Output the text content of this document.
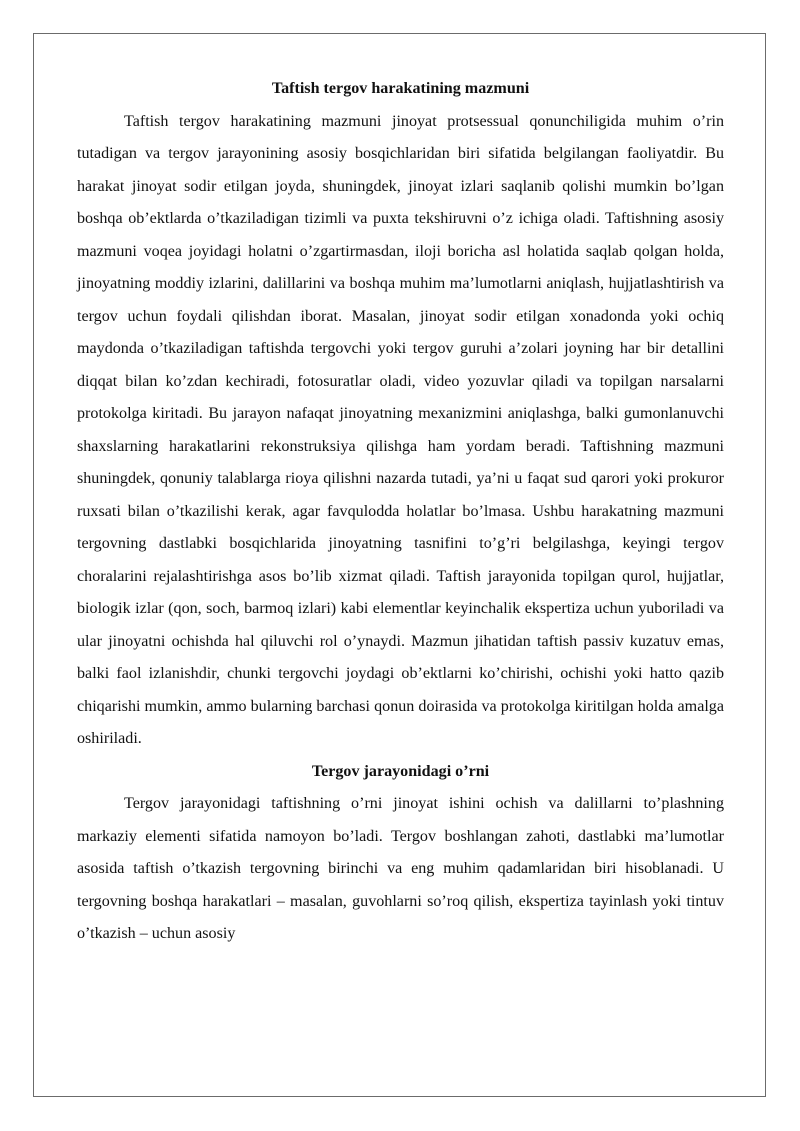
Taftish tergov harakatining mazmuni

Taftish tergov harakatining mazmuni jinoyat protsessual qonunchiligida muhim o’rin tutadigan va tergov jarayonining asosiy bosqichlaridan biri sifatida belgilangan faoliyatdir. Bu harakat jinoyat sodir etilgan joyda, shuningdek, jinoyat izlari saqlanib qolishi mumkin bo’lgan boshqa ob’ektlarda o’tkaziladigan tizimli va puxta tekshiruvni o’z ichiga oladi. Taftishning asosiy mazmuni voqea joyidagi holatni o’zgartirmasdan, iloji boricha asl holatida saqlab qolgan holda, jinoyatning moddiy izlarini, dalillarini va boshqa muhim ma’lumotlarni aniqlash, hujjatlashtirish va tergov uchun foydali qilishdan iborat. Masalan, jinoyat sodir etilgan xonadonda yoki ochiq maydonda o’tkaziladigan taftishda tergovchi yoki tergov guruhi a’zolari joyning har bir detallini diqqat bilan ko’zdan kechiradi, fotosuratlar oladi, video yozuvlar qiladi va topilgan narsalarni protokolga kiritadi. Bu jarayon nafaqat jinoyatning mexanizmini aniqlashga, balki gumonlanuvchi shaxslarning harakatlarini rekonstruksiya qilishga ham yordam beradi. Taftishning mazmuni shuningdek, qonuniy talablarga rioya qilishni nazarda tutadi, ya’ni u faqat sud qarori yoki prokuror ruxsati bilan o’tkazilishi kerak, agar favqulodda holatlar bo’lmasa. Ushbu harakatning mazmuni tergovning dastlabki bosqichlarida jinoyatning tasnifini to’g’ri belgilashga, keyingi tergov choralarini rejalashtirishga asos bo’lib xizmat qiladi. Taftish jarayonida topilgan qurol, hujjatlar, biologik izlar (qon, soch, barmoq izlari) kabi elementlar keyinchalik ekspertiza uchun yuboriladi va ular jinoyatni ochishda hal qiluvchi rol o’ynaydi. Mazmun jihatidan taftish passiv kuzatuv emas, balki faol izlanishdir, chunki tergovchi joydagi ob’ektlarni ko’chirishi, ochishi yoki hatto qazib chiqarishi mumkin, ammo bularning barchasi qonun doirasida va protokolga kiritilgan holda amalga oshiriladi.

Tergov jarayonidagi o’rni

Tergov jarayonidagi taftishning o’rni jinoyat ishini ochish va dalillarni to’plashning markaziy elementi sifatida namoyon bo’ladi. Tergov boshlangan zahoti, dastlabki ma’lumotlar asosida taftish o’tkazish tergovning birinchi va eng muhim qadamlaridan biri hisoblanadi. U tergovning boshqa harakatlari – masalan, guvohlarni so’roq qilish, ekspertiza tayinlash yoki tintuv o’tkazish – uchun asosiy
